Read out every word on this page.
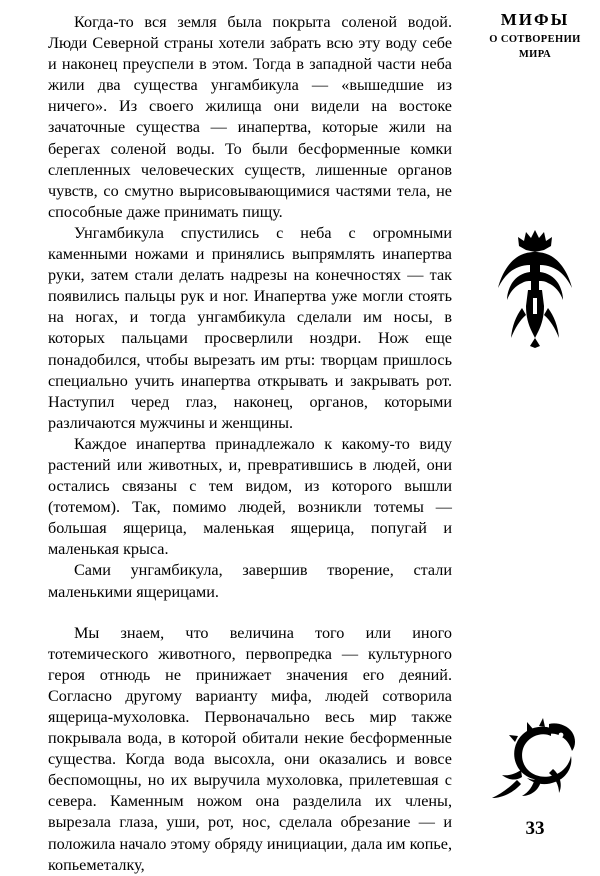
Когда-то вся земля была покрыта соленой водой. Люди Северной страны хотели забрать всю эту воду себе и наконец преуспели в этом. Тогда в западной части неба жили два существа унгамбикула — «вышедшие из ничего». Из своего жилища они видели на востоке зачаточные существа — инапертва, которые жили на берегах соленой воды. То были бесформенные комки слепленных человеческих существ, лишенные органов чувств, со смутно вырисовывающимися частями тела, не способные даже принимать пищу.

Унгамбикула спустились с неба с огромными каменными ножами и принялись выпрямлять инапертва руки, затем стали делать надрезы на конечностях — так появились пальцы рук и ног. Инапертва уже могли стоять на ногах, и тогда унгамбикула сделали им носы, в которых пальцами просверлили ноздри. Нож еще понадобился, чтобы вырезать им рты: творцам пришлось специально учить инапертва открывать и закрывать рот. Наступил черед глаз, наконец, органов, которыми различаются мужчины и женщины.

Каждое инапертва принадлежало к какому-то виду растений или животных, и, превратившись в людей, они остались связаны с тем видом, из которого вышли (тотемом). Так, помимо людей, возникли тотемы — большая ящерица, маленькая ящерица, попугай и маленькая крыса.

Сами унгамбикула, завершив творение, стали маленькими ящерицами.

Мы знаем, что величина того или иного тотемического животного, первопредка — культурного героя отнюдь не принижает значения его деяний. Согласно другому варианту мифа, людей сотворила ящерица-мухоловка. Первоначально весь мир также покрывала вода, в которой обитали некие бесформенные существа. Когда вода высохла, они оказались и вовсе беспомощны, но их выручила мухоловка, прилетевшая с севера. Каменным ножом она разделила их члены, вырезала глаза, уши, рот, нос, сделала обрезание — и положила начало этому обряду инициации, дала им копье, копьеметалку,

МИФЫ
О СОТВОРЕНИИ
МИРА
33
